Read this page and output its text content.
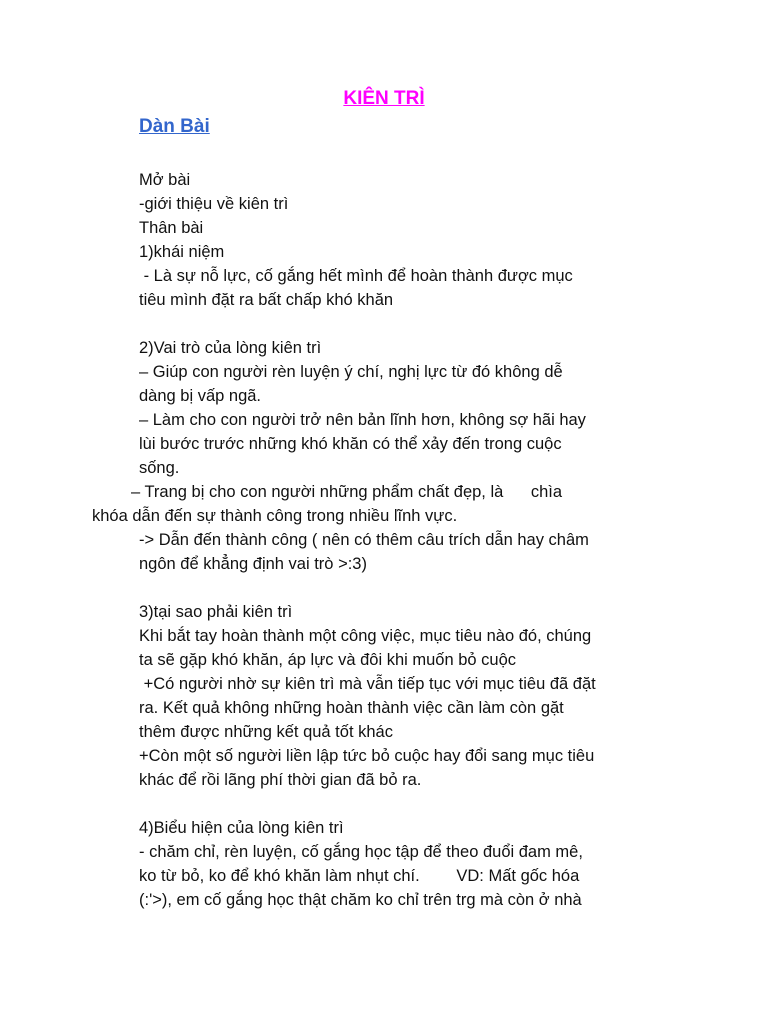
KIÊN TRÌ
Dàn Bài
Mở bài
-giới thiệu về kiên trì
Thân bài
1)khái niệm
- Là sự nỗ lực, cố gắng hết mình để hoàn thành được mục
tiêu mình đặt ra bất chấp khó khăn
2)Vai trò của lòng kiên trì
– Giúp con người rèn luyện ý chí, nghị lực từ đó không dễ
dàng bị vấp ngã.
– Làm cho con người trở nên bản lĩnh hơn, không sợ hãi hay
lùi bước trước những khó khăn có thể xảy đến trong cuộc
sống.
– Trang bị cho con người những phẩm chất đẹp, là      chìa
khóa dẫn đến sự thành công trong nhiều lĩnh vực.
-> Dẫn đến thành công ( nên có thêm câu trích dẫn hay châm
ngôn để khẳng định vai trò >:3)
3)tại sao phải kiên trì
Khi bắt tay hoàn thành một công việc, mục tiêu nào đó, chúng
ta sẽ gặp khó khăn, áp lực và đôi khi muốn bỏ cuộc
+Có người nhờ sự kiên trì mà vẫn tiếp tục với mục tiêu đã đặt
ra. Kết quả không những hoàn thành việc cần làm còn gặt
thêm được những kết quả tốt khác
+Còn một số người liền lập tức bỏ cuộc hay đổi sang mục tiêu
khác để rồi lãng phí thời gian đã bỏ ra.
4)Biểu hiện của lòng kiên trì
- chăm chỉ, rèn luyện, cố gắng học tập để theo đuổi đam mê,
ko từ bỏ, ko để khó khăn làm nhụt chí.        VD: Mất gốc hóa
(:'>), em cố gắng học thật chăm ko chỉ trên trg mà còn ở nhà
